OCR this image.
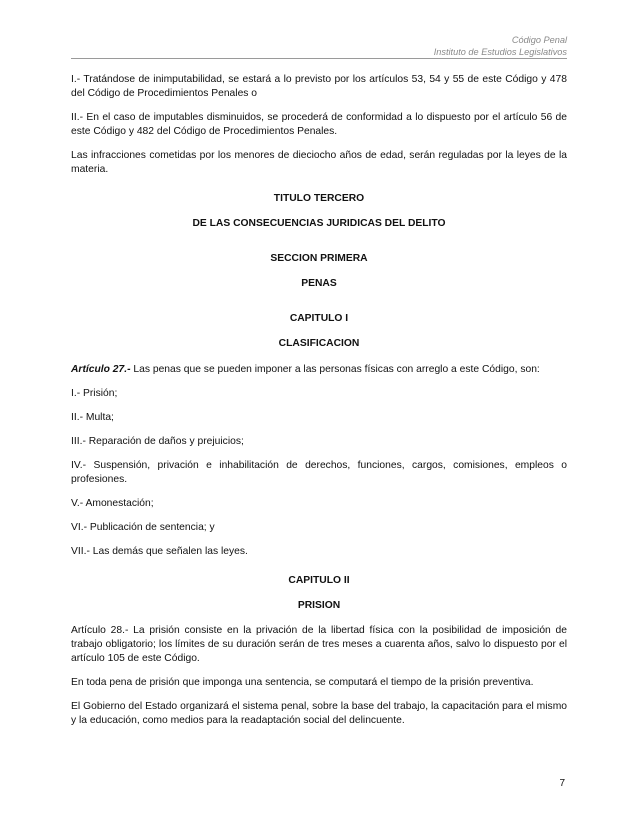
Código Penal
Instituto de Estudios Legislativos

I.- Tratándose de inimputabilidad, se estará a lo previsto por los artículos 53, 54 y 55 de este Código y 478 del Código de Procedimientos Penales o

II.- En el caso de imputables disminuidos, se procederá de conformidad a lo dispuesto por el artículo 56 de este Código y 482 del Código de Procedimientos Penales.

Las infracciones cometidas por los menores de dieciocho años de edad, serán reguladas por la leyes de la materia.

TITULO TERCERO

DE LAS CONSECUENCIAS JURIDICAS DEL DELITO

SECCION PRIMERA

PENAS

CAPITULO I

CLASIFICACION

Artículo 27.- Las penas que se pueden imponer a las personas físicas con arreglo a este Código, son:

I.- Prisión;

II.- Multa;

III.- Reparación de daños y prejuicios;

IV.- Suspensión, privación e inhabilitación de derechos, funciones, cargos, comisiones, empleos o profesiones.

V.- Amonestación;

VI.- Publicación de sentencia; y

VII.- Las demás que señalen las leyes.

CAPITULO II

PRISION

Artículo 28.- La prisión consiste en la privación de la libertad física con la posibilidad de imposición de trabajo obligatorio; los límites de su duración serán de tres meses a cuarenta años, salvo lo dispuesto por el artículo 105 de este Código.

En toda pena de prisión que imponga una sentencia, se computará el tiempo de la prisión preventiva.

El Gobierno del Estado organizará el sistema penal, sobre la base del trabajo, la capacitación para el mismo y la educación, como medios para la readaptación social del delincuente.

7
